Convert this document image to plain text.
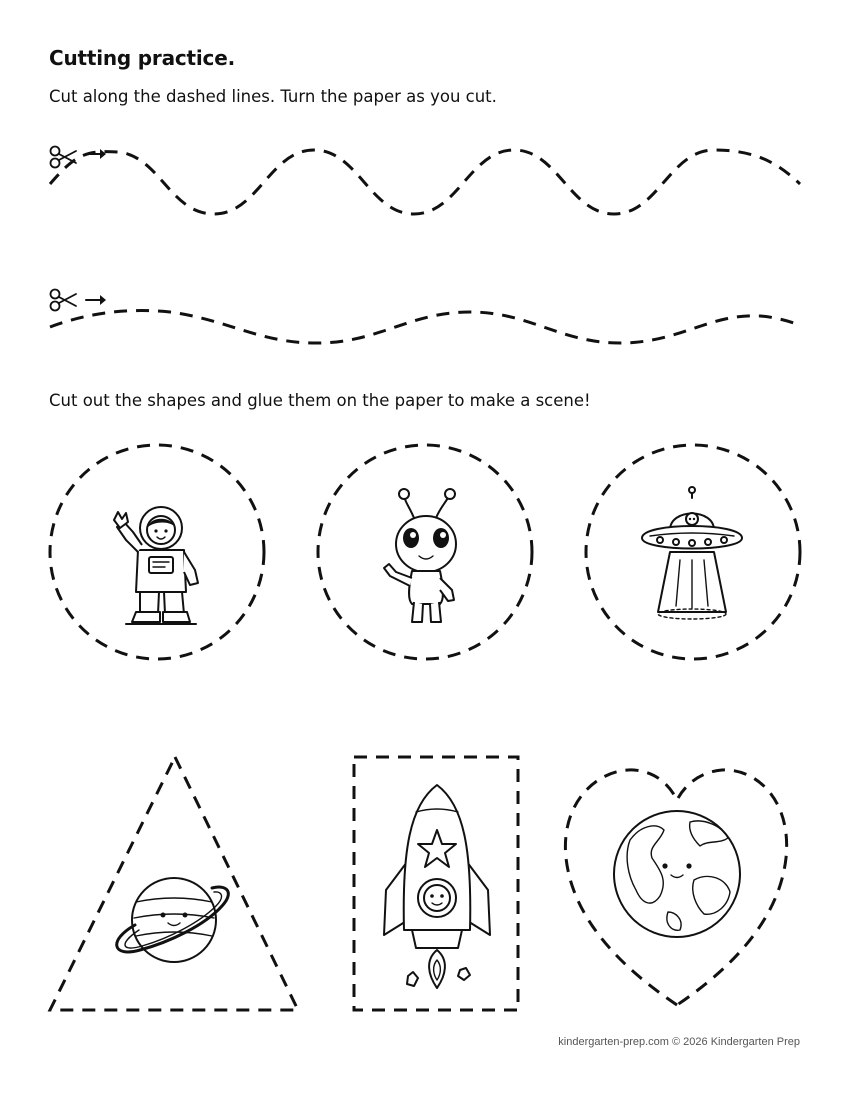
Cutting practice.
Cut along the dashed lines. Turn the paper as you cut.
Cut out the shapes and glue them on the paper to make a scene!
kindergarten-prep.com © 2026 Kindergarten Prep
